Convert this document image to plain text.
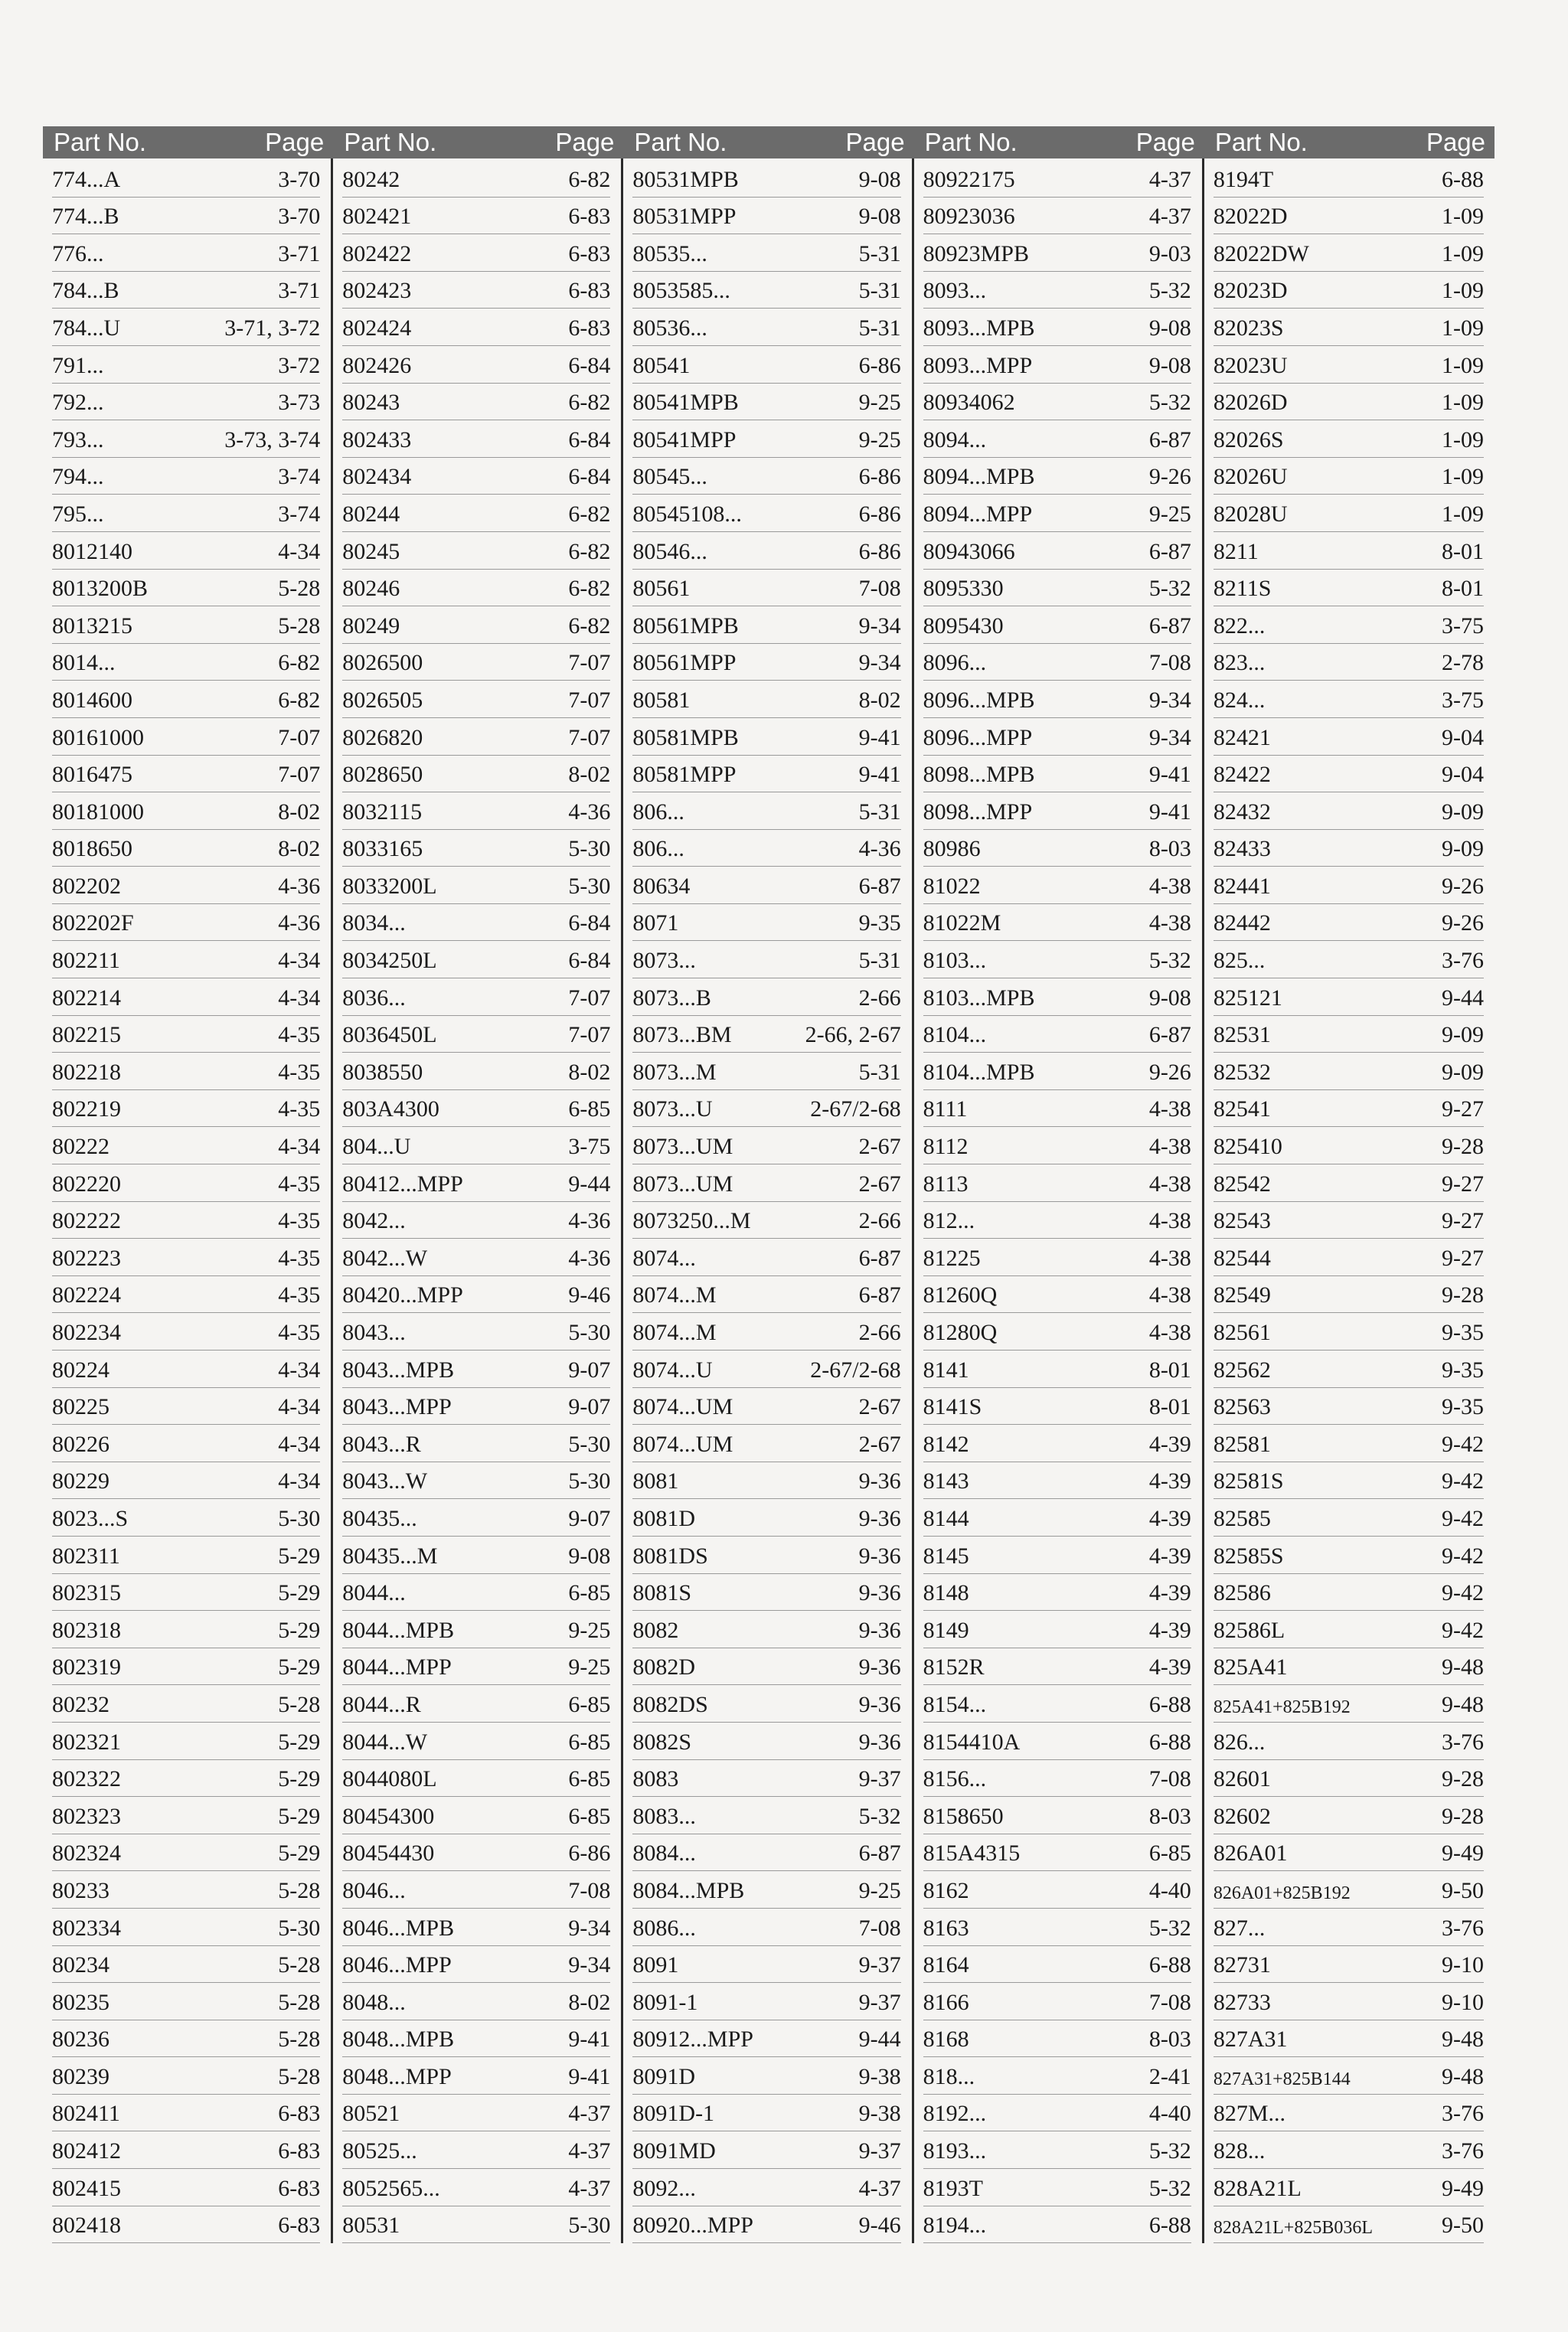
Part No.	Page
774...A	3-70
774...B	3-70
776...	3-71
784...B	3-71
784...U	3-71, 3-72
791...	3-72
792...	3-73
793...	3-73, 3-74
794...	3-74
795...	3-74
8012140	4-34
8013200B	5-28
8013215	5-28
8014...	6-82
8014600	6-82
80161000	7-07
8016475	7-07
80181000	8-02
8018650	8-02
802202	4-36
802202F	4-36
802211	4-34
802214	4-34
802215	4-35
802218	4-35
802219	4-35
80222	4-34
802220	4-35
802222	4-35
802223	4-35
802224	4-35
802234	4-35
80224	4-34
80225	4-34
80226	4-34
80229	4-34
8023...S	5-30
802311	5-29
802315	5-29
802318	5-29
802319	5-29
80232	5-28
802321	5-29
802322	5-29
802323	5-29
802324	5-29
80233	5-28
802334	5-30
80234	5-28
80235	5-28
80236	5-28
80239	5-28
802411	6-83
802412	6-83
802415	6-83
802418	6-83
Part No.	Page
80242	6-82
802421	6-83
802422	6-83
802423	6-83
802424	6-83
802426	6-84
80243	6-82
802433	6-84
802434	6-84
80244	6-82
80245	6-82
80246	6-82
80249	6-82
8026500	7-07
8026505	7-07
8026820	7-07
8028650	8-02
8032115	4-36
8033165	5-30
8033200L	5-30
8034...	6-84
8034250L	6-84
8036...	7-07
8036450L	7-07
8038550	8-02
803A4300	6-85
804...U	3-75
80412...MPP	9-44
8042...	4-36
8042...W	4-36
80420...MPP	9-46
8043...	5-30
8043...MPB	9-07
8043...MPP	9-07
8043...R	5-30
8043...W	5-30
80435...	9-07
80435...M	9-08
8044...	6-85
8044...MPB	9-25
8044...MPP	9-25
8044...R	6-85
8044...W	6-85
8044080L	6-85
80454300	6-85
80454430	6-86
8046...	7-08
8046...MPB	9-34
8046...MPP	9-34
8048...	8-02
8048...MPB	9-41
8048...MPP	9-41
80521	4-37
80525...	4-37
8052565...	4-37
80531	5-30
Part No.	Page
80531MPB	9-08
80531MPP	9-08
80535...	5-31
8053585...	5-31
80536...	5-31
80541	6-86
80541MPB	9-25
80541MPP	9-25
80545...	6-86
80545108...	6-86
80546...	6-86
80561	7-08
80561MPB	9-34
80561MPP	9-34
80581	8-02
80581MPB	9-41
80581MPP	9-41
806...	5-31
806...	4-36
80634	6-87
8071	9-35
8073...	5-31
8073...B	2-66
8073...BM	2-66, 2-67
8073...M	5-31
8073...U	2-67/2-68
8073...UM	2-67
8073...UM	2-67
8073250...M	2-66
8074...	6-87
8074...M	6-87
8074...M	2-66
8074...U	2-67/2-68
8074...UM	2-67
8074...UM	2-67
8081	9-36
8081D	9-36
8081DS	9-36
8081S	9-36
8082	9-36
8082D	9-36
8082DS	9-36
8082S	9-36
8083	9-37
8083...	5-32
8084...	6-87
8084...MPB	9-25
8086...	7-08
8091	9-37
8091-1	9-37
80912...MPP	9-44
8091D	9-38
8091D-1	9-38
8091MD	9-37
8092...	4-37
80920...MPP	9-46
Part No.	Page
80922175	4-37
80923036	4-37
80923MPB	9-03
8093...	5-32
8093...MPB	9-08
8093...MPP	9-08
80934062	5-32
8094...	6-87
8094...MPB	9-26
8094...MPP	9-25
80943066	6-87
8095330	5-32
8095430	6-87
8096...	7-08
8096...MPB	9-34
8096...MPP	9-34
8098...MPB	9-41
8098...MPP	9-41
80986	8-03
81022	4-38
81022M	4-38
8103...	5-32
8103...MPB	9-08
8104...	6-87
8104...MPB	9-26
8111	4-38
8112	4-38
8113	4-38
812...	4-38
81225	4-38
81260Q	4-38
81280Q	4-38
8141	8-01
8141S	8-01
8142	4-39
8143	4-39
8144	4-39
8145	4-39
8148	4-39
8149	4-39
8152R	4-39
8154...	6-88
8154410A	6-88
8156...	7-08
8158650	8-03
815A4315	6-85
8162	4-40
8163	5-32
8164	6-88
8166	7-08
8168	8-03
818...	2-41
8192...	4-40
8193...	5-32
8193T	5-32
8194...	6-88
Part No.	Page
8194T	6-88
82022D	1-09
82022DW	1-09
82023D	1-09
82023S	1-09
82023U	1-09
82026D	1-09
82026S	1-09
82026U	1-09
82028U	1-09
8211	8-01
8211S	8-01
822...	3-75
823...	2-78
824...	3-75
82421	9-04
82422	9-04
82432	9-09
82433	9-09
82441	9-26
82442	9-26
825...	3-76
825121	9-44
82531	9-09
82532	9-09
82541	9-27
825410	9-28
82542	9-27
82543	9-27
82544	9-27
82549	9-28
82561	9-35
82562	9-35
82563	9-35
82581	9-42
82581S	9-42
82585	9-42
82585S	9-42
82586	9-42
82586L	9-42
825A41	9-48
825A41+825B192	9-48
826...	3-76
82601	9-28
82602	9-28
826A01	9-49
826A01+825B192	9-50
827...	3-76
82731	9-10
82733	9-10
827A31	9-48
827A31+825B144	9-48
827M...	3-76
828...	3-76
828A21L	9-49
828A21L+825B036L	9-50
